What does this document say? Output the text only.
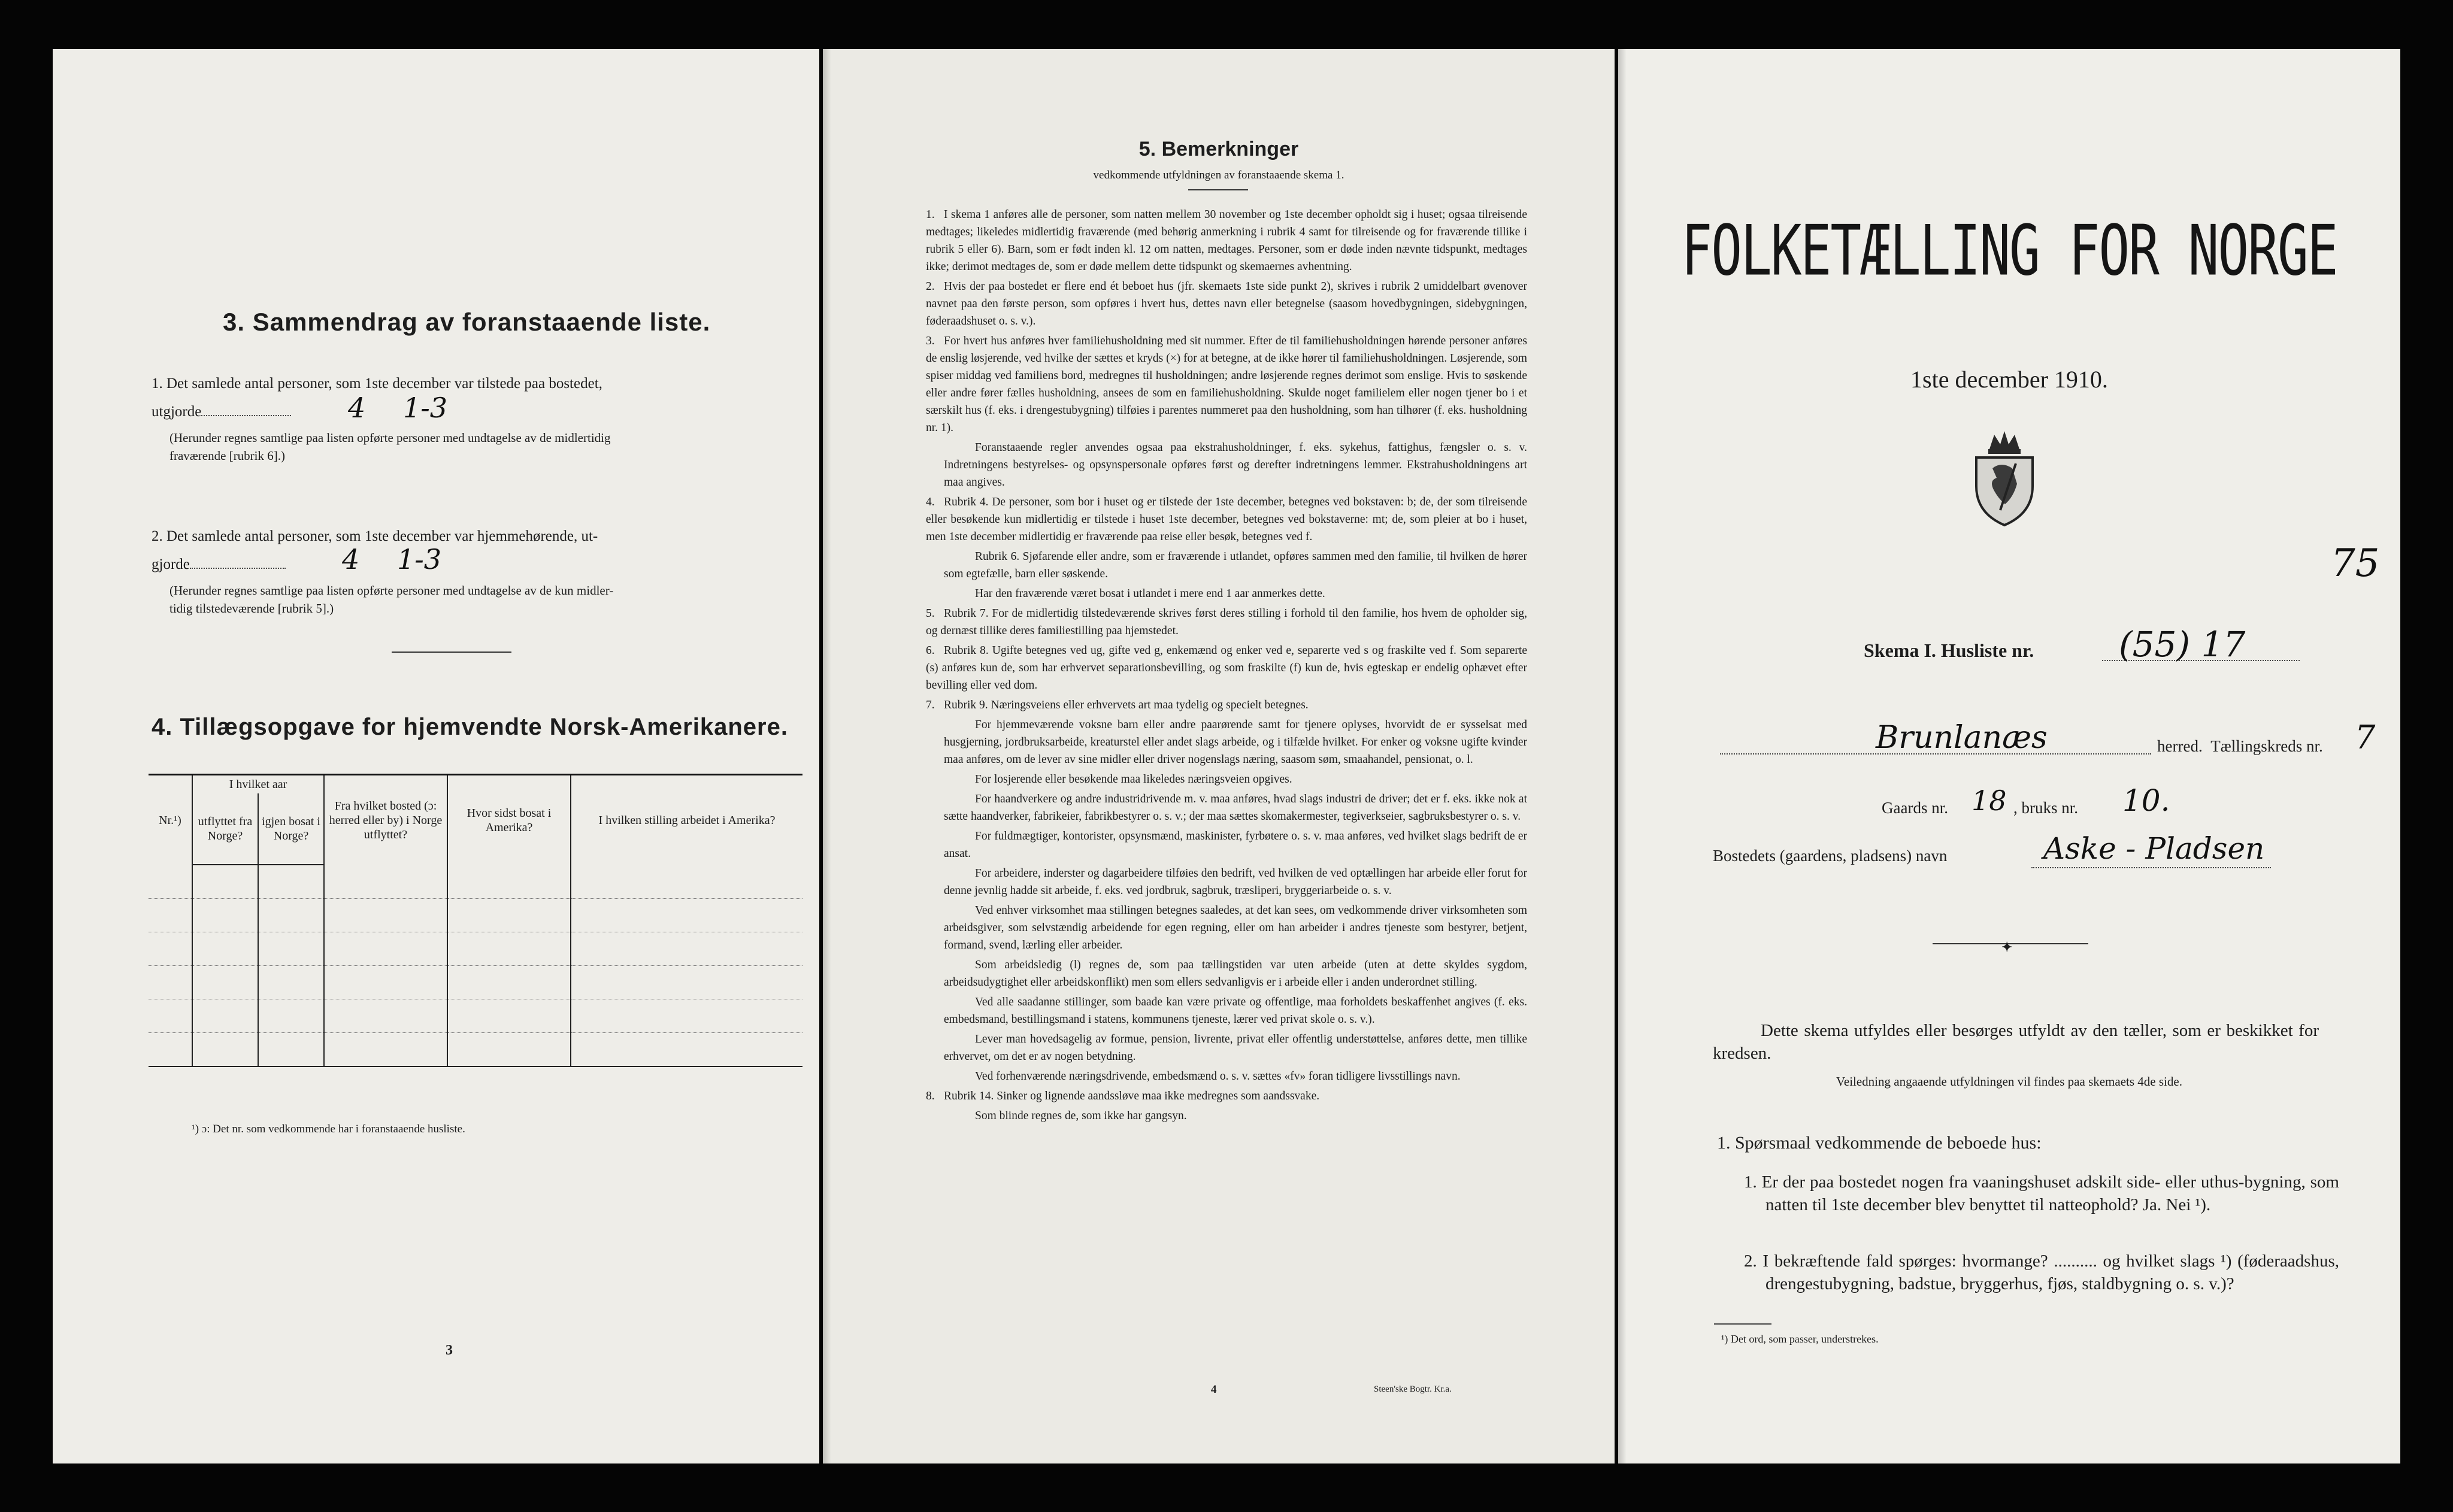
3. Sammendrag av foranstaaende liste.
1. Det samlede antal personer, som 1ste december var tilstede paa bostedet,
utgjorde	4 1-3
(Herunder regnes samtlige paa listen opførte personer med undtagelse av de midlertidig
fraværende [rubrik 6].)
2. Det samlede antal personer, som 1ste december var hjemmehørende, ut-
gjorde	4 1-3
(Herunder regnes samtlige paa listen opførte personer med undtagelse av de kun midler-
tidig tilstedeværende [rubrik 5].)
4. Tillægsopgave for hjemvendte Norsk-Amerikanere.
Nr.¹)	I hvilket aar		Fra hvilket bosted (ɔ: herred eller by) i Norge utflyttet?	Hvor sidst bosat i Amerika?	I hvilken stilling arbeidet i Amerika?
	utflyttet fra Norge?	igjen bosat i Norge?			

¹) ɔ: Det nr. som vedkommende har i foranstaaende husliste.
3
5. Bemerkninger
vedkommende utfyldningen av foranstaaende skema 1.

1. I skema 1 anføres alle de personer, som natten mellem 30 november og 1ste december opholdt sig i huset; ogsaa tilreisende medtages; likeledes midlertidig fraværende (med behørig anmerkning i rubrik 4 samt for tilreisende og for fraværende tillike i rubrik 5 eller 6). Barn, som er født inden kl. 12 om natten, medtages. Personer, som er døde inden nævnte tidspunkt, medtages ikke; derimot medtages de, som er døde mellem dette tidspunkt og skemaernes avhentning.

2. Hvis der paa bostedet er flere end ét beboet hus (jfr. skemaets 1ste side punkt 2), skrives i rubrik 2 umiddelbart øvenover navnet paa den første person, som opføres i hvert hus, dettes navn eller betegnelse (saasom hovedbygningen, sidebygningen, føderaadshuset o. s. v.).

3. For hvert hus anføres hver familiehusholdning med sit nummer. Efter de til familiehusholdningen hørende personer anføres de enslig løsjerende, ved hvilke der sættes et kryds (×) for at betegne, at de ikke hører til familiehusholdningen. Løsjerende, som spiser middag ved familiens bord, medregnes til husholdningen; andre løsjerende regnes derimot som enslige. Hvis to søskende eller andre fører fælles husholdning, ansees de som en familiehusholdning. Skulde noget familielem eller nogen tjener bo i et særskilt hus (f. eks. i drengestubygning) tilføies i parentes nummeret paa den husholdning, som han tilhører (f. eks. husholdning nr. 1).

Foranstaaende regler anvendes ogsaa paa ekstrahusholdninger, f. eks. sykehus, fattighus, fængsler o. s. v. Indretningens bestyrelses- og opsynspersonale opføres først og derefter indretningens lemmer. Ekstrahusholdningens art maa angives.

4. Rubrik 4. De personer, som bor i huset og er tilstede der 1ste december, betegnes ved bokstaven: b; de, der som tilreisende eller besøkende kun midlertidig er tilstede i huset 1ste december, betegnes ved bokstaverne: mt; de, som pleier at bo i huset, men 1ste december midlertidig er fraværende paa reise eller besøk, betegnes ved f.

Rubrik 6. Sjøfarende eller andre, som er fraværende i utlandet, opføres sammen med den familie, til hvilken de hører som egtefælle, barn eller søskende.

Har den fraværende været bosat i utlandet i mere end 1 aar anmerkes dette.

5. Rubrik 7. For de midlertidig tilstedeværende skrives først deres stilling i forhold til den familie, hos hvem de opholder sig, og dernæst tillike deres familiestilling paa hjemstedet.

6. Rubrik 8. Ugifte betegnes ved ug, gifte ved g, enkemænd og enker ved e, separerte ved s og fraskilte ved f. Som separerte (s) anføres kun de, som har erhvervet separationsbevilling, og som fraskilte (f) kun de, hvis egteskap er endelig ophævet efter bevilling eller ved dom.

7. Rubrik 9. Næringsveiens eller erhvervets art maa tydelig og specielt betegnes.

For hjemmeværende voksne barn eller andre paarørende samt for tjenere oplyses, hvorvidt de er sysselsat med husgjerning, jordbruksarbeide, kreaturstel eller andet slags arbeide, og i tilfælde hvilket. For enker og voksne ugifte kvinder maa anføres, om de lever av sine midler eller driver nogenslags næring, saasom søm, smaahandel, pensionat, o. l.

For losjerende eller besøkende maa likeledes næringsveien opgives.

For haandverkere og andre industridrivende m. v. maa anføres, hvad slags industri de driver; det er f. eks. ikke nok at sætte haandverker, fabrikeier, fabrikbestyrer o. s. v.; der maa sættes skomakermester, tegiverkseier, sagbruksbestyrer o. s. v.

For fuldmægtiger, kontorister, opsynsmænd, maskinister, fyrbøtere o. s. v. maa anføres, ved hvilket slags bedrift de er ansat.

For arbeidere, inderster og dagarbeidere tilføies den bedrift, ved hvilken de ved optællingen har arbeide eller forut for denne jevnlig hadde sit arbeide, f. eks. ved jordbruk, sagbruk, træsliperi, bryggeriarbeide o. s. v.

Ved enhver virksomhet maa stillingen betegnes saaledes, at det kan sees, om vedkommende driver virksomheten som arbeidsgiver, som selvstændig arbeidende for egen regning, eller om han arbeider i andres tjeneste som bestyrer, betjent, formand, svend, lærling eller arbeider.

Som arbeidsledig (l) regnes de, som paa tællingstiden var uten arbeide (uten at dette skyldes sygdom, arbeidsudygtighet eller arbeidskonflikt) men som ellers sedvanligvis er i arbeide eller i anden underordnet stilling.

Ved alle saadanne stillinger, som baade kan være private og offentlige, maa forholdets beskaffenhet angives (f. eks. embedsmand, bestillingsmand i statens, kommunens tjeneste, lærer ved privat skole o. s. v.).

Lever man hovedsagelig av formue, pension, livrente, privat eller offentlig understøttelse, anføres dette, men tillike erhvervet, om det er av nogen betydning.

Ved forhenværende næringsdrivende, embedsmænd o. s. v. sættes «fv» foran tidligere livsstillings navn.

8. Rubrik 14. Sinker og lignende aandssløve maa ikke medregnes som aandssvake.

Som blinde regnes de, som ikke har gangsyn.

4	Steen'ske Bogtr. Kr.a.
FOLKETÆLLING FOR NORGE
1ste december 1910.
75
Skema I. Husliste nr. (55) 17
Brunlanæs	herred. Tællingskreds nr. 7
Gaards nr. 18 , bruks nr. 10.
Bostedets (gaardens, pladsens) navn	Aske - Pladsen
✦
Dette skema utfyldes eller besørges utfyldt av den tæller, som er beskikket for kredsen.
Veiledning angaaende utfyldningen vil findes paa skemaets 4de side.
1. Spørsmaal vedkommende de beboede hus:
1. Er der paa bostedet nogen fra vaaningshuset adskilt side- eller uthus-bygning, som natten til 1ste december blev benyttet til natteophold? Ja. Nei ¹).
2. I bekræftende fald spørges: hvormange? .......... og hvilket slags ¹) (føderaadshus, drengestubygning, badstue, bryggerhus, fjøs, staldbygning o. s. v.)?
¹) Det ord, som passer, understrekes.
